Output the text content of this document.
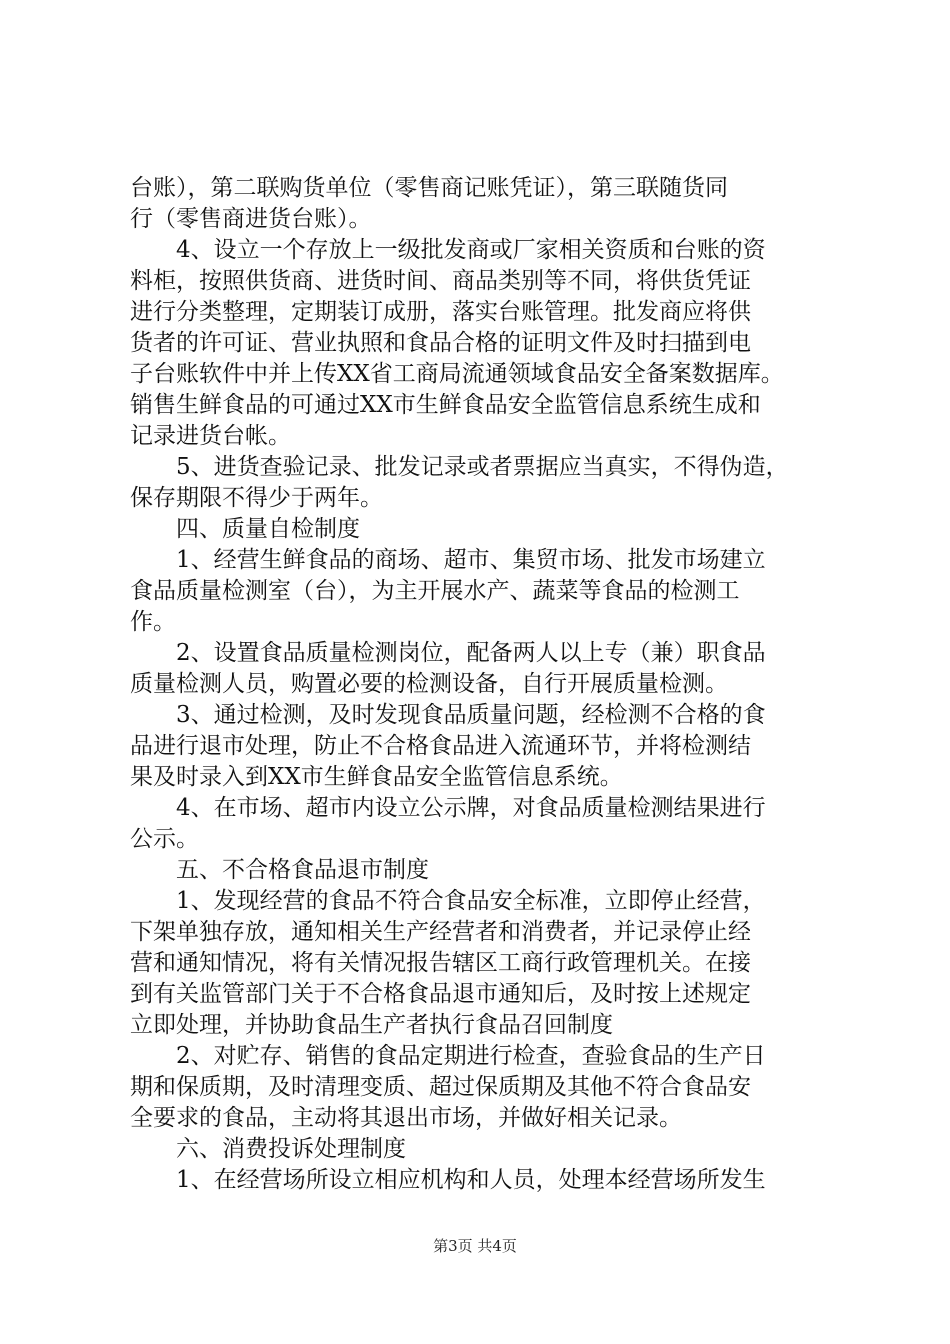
台账），第二联购货单位（零售商记账凭证），第三联随货同
行（零售商进货台账）。
4、设立一个存放上一级批发商或厂家相关资质和台账的资
料柜，按照供货商、进货时间、商品类别等不同，将供货凭证
进行分类整理，定期装订成册，落实台账管理。批发商应将供
货者的许可证、营业执照和食品合格的证明文件及时扫描到电
子台账软件中并上传XX省工商局流通领域食品安全备案数据库。
销售生鲜食品的可通过XX市生鲜食品安全监管信息系统生成和
记录进货台帐。
5、进货查验记录、批发记录或者票据应当真实，不得伪造，
保存期限不得少于两年。
四、质量自检制度
1、经营生鲜食品的商场、超市、集贸市场、批发市场建立
食品质量检测室（台），为主开展水产、蔬菜等食品的检测工
作。
2、设置食品质量检测岗位，配备两人以上专（兼）职食品
质量检测人员，购置必要的检测设备，自行开展质量检测。
3、通过检测，及时发现食品质量问题，经检测不合格的食
品进行退市处理，防止不合格食品进入流通环节，并将检测结
果及时录入到XX市生鲜食品安全监管信息系统。
4、在市场、超市内设立公示牌，对食品质量检测结果进行
公示。
五、不合格食品退市制度
1、发现经营的食品不符合食品安全标准，立即停止经营，
下架单独存放，通知相关生产经营者和消费者，并记录停止经
营和通知情况，将有关情况报告辖区工商行政管理机关。在接
到有关监管部门关于不合格食品退市通知后，及时按上述规定
立即处理，并协助食品生产者执行食品召回制度
2、对贮存、销售的食品定期进行检查，查验食品的生产日
期和保质期，及时清理变质、超过保质期及其他不符合食品安
全要求的食品，主动将其退出市场，并做好相关记录。
六、消费投诉处理制度
1、在经营场所设立相应机构和人员，处理本经营场所发生
第3页 共4页
